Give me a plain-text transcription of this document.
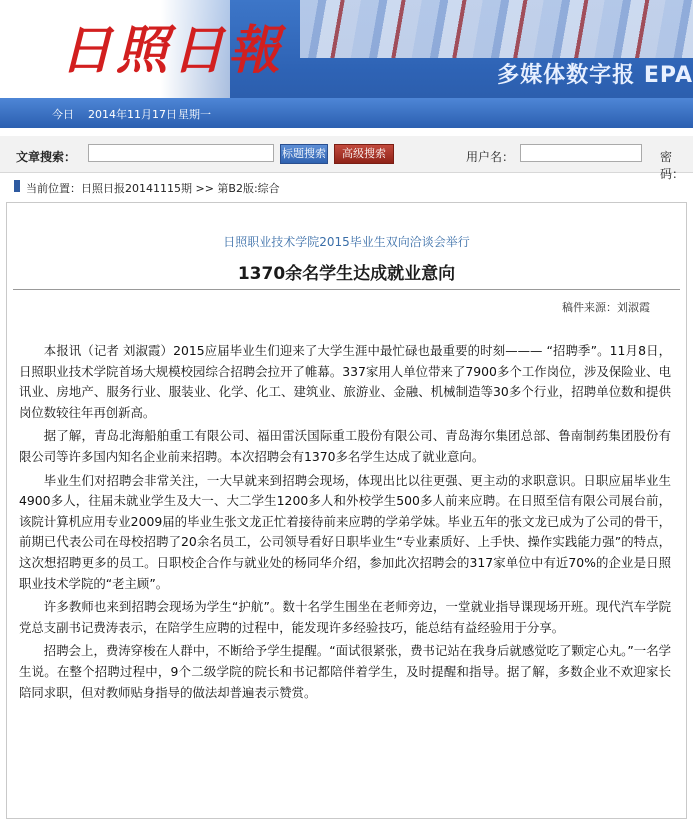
日照日報	多媒体数字报 EPA
今日 2014年11月17日 星期一
文章搜索：	标题搜索	高级搜索	用户名：	密码：
当前位置：日照日报20141115期 >> 第B2版:综合
日照职业技术学院2015毕业生双向洽谈会举行
1370余名学生达成就业意向
稿件来源：刘淑霞

本报讯（记者 刘淑霞）2015应届毕业生们迎来了大学生涯中最忙碌也最重要的时刻——— “招聘季”。11月8日，日照职业技术学院首场大规模校园综合招聘会拉开了帷幕。337家用人单位带来了7900多个工作岗位，涉及保险业、电讯业、房地产、服务行业、服装业、化学、化工、建筑业、旅游业、金融、机械制造等30多个行业，招聘单位数和提供岗位数较往年再创新高。

据了解，青岛北海船舶重工有限公司、福田雷沃国际重工股份有限公司、青岛海尔集团总部、鲁南制药集团股份有限公司等许多国内知名企业前来招聘。本次招聘会有1370多名学生达成了就业意向。

毕业生们对招聘会非常关注，一大早就来到招聘会现场，体现出比以往更强、更主动的求职意识。日职应届毕业生4900多人，往届未就业学生及大一、大二学生1200多人和外校学生500多人前来应聘。在日照至信有限公司展台前，该院计算机应用专业2009届的毕业生张文龙正忙着接待前来应聘的学弟学妹。毕业五年的张文龙已成为了公司的骨干，前期已代表公司在母校招聘了20余名员工，公司领导看好日职毕业生“专业素质好、上手快、操作实践能力强”的特点，这次想招聘更多的员工。日职校企合作与就业处的杨同华介绍，参加此次招聘会的317家单位中有近70%的企业是日照职业技术学院的“老主顾”。

许多教师也来到招聘会现场为学生“护航”。数十名学生围坐在老师旁边，一堂就业指导课现场开班。现代汽车学院党总支副书记费涛表示，在陪学生应聘的过程中，能发现许多经验技巧，能总结有益经验用于分享。

招聘会上，费涛穿梭在人群中，不断给予学生提醒。“面试很紧张，费书记站在我身后就感觉吃了颗定心丸。”一名学生说。在整个招聘过程中，9个二级学院的院长和书记都陪伴着学生，及时提醒和指导。据了解，多数企业不欢迎家长陪同求职，但对教师贴身指导的做法却普遍表示赞赏。
